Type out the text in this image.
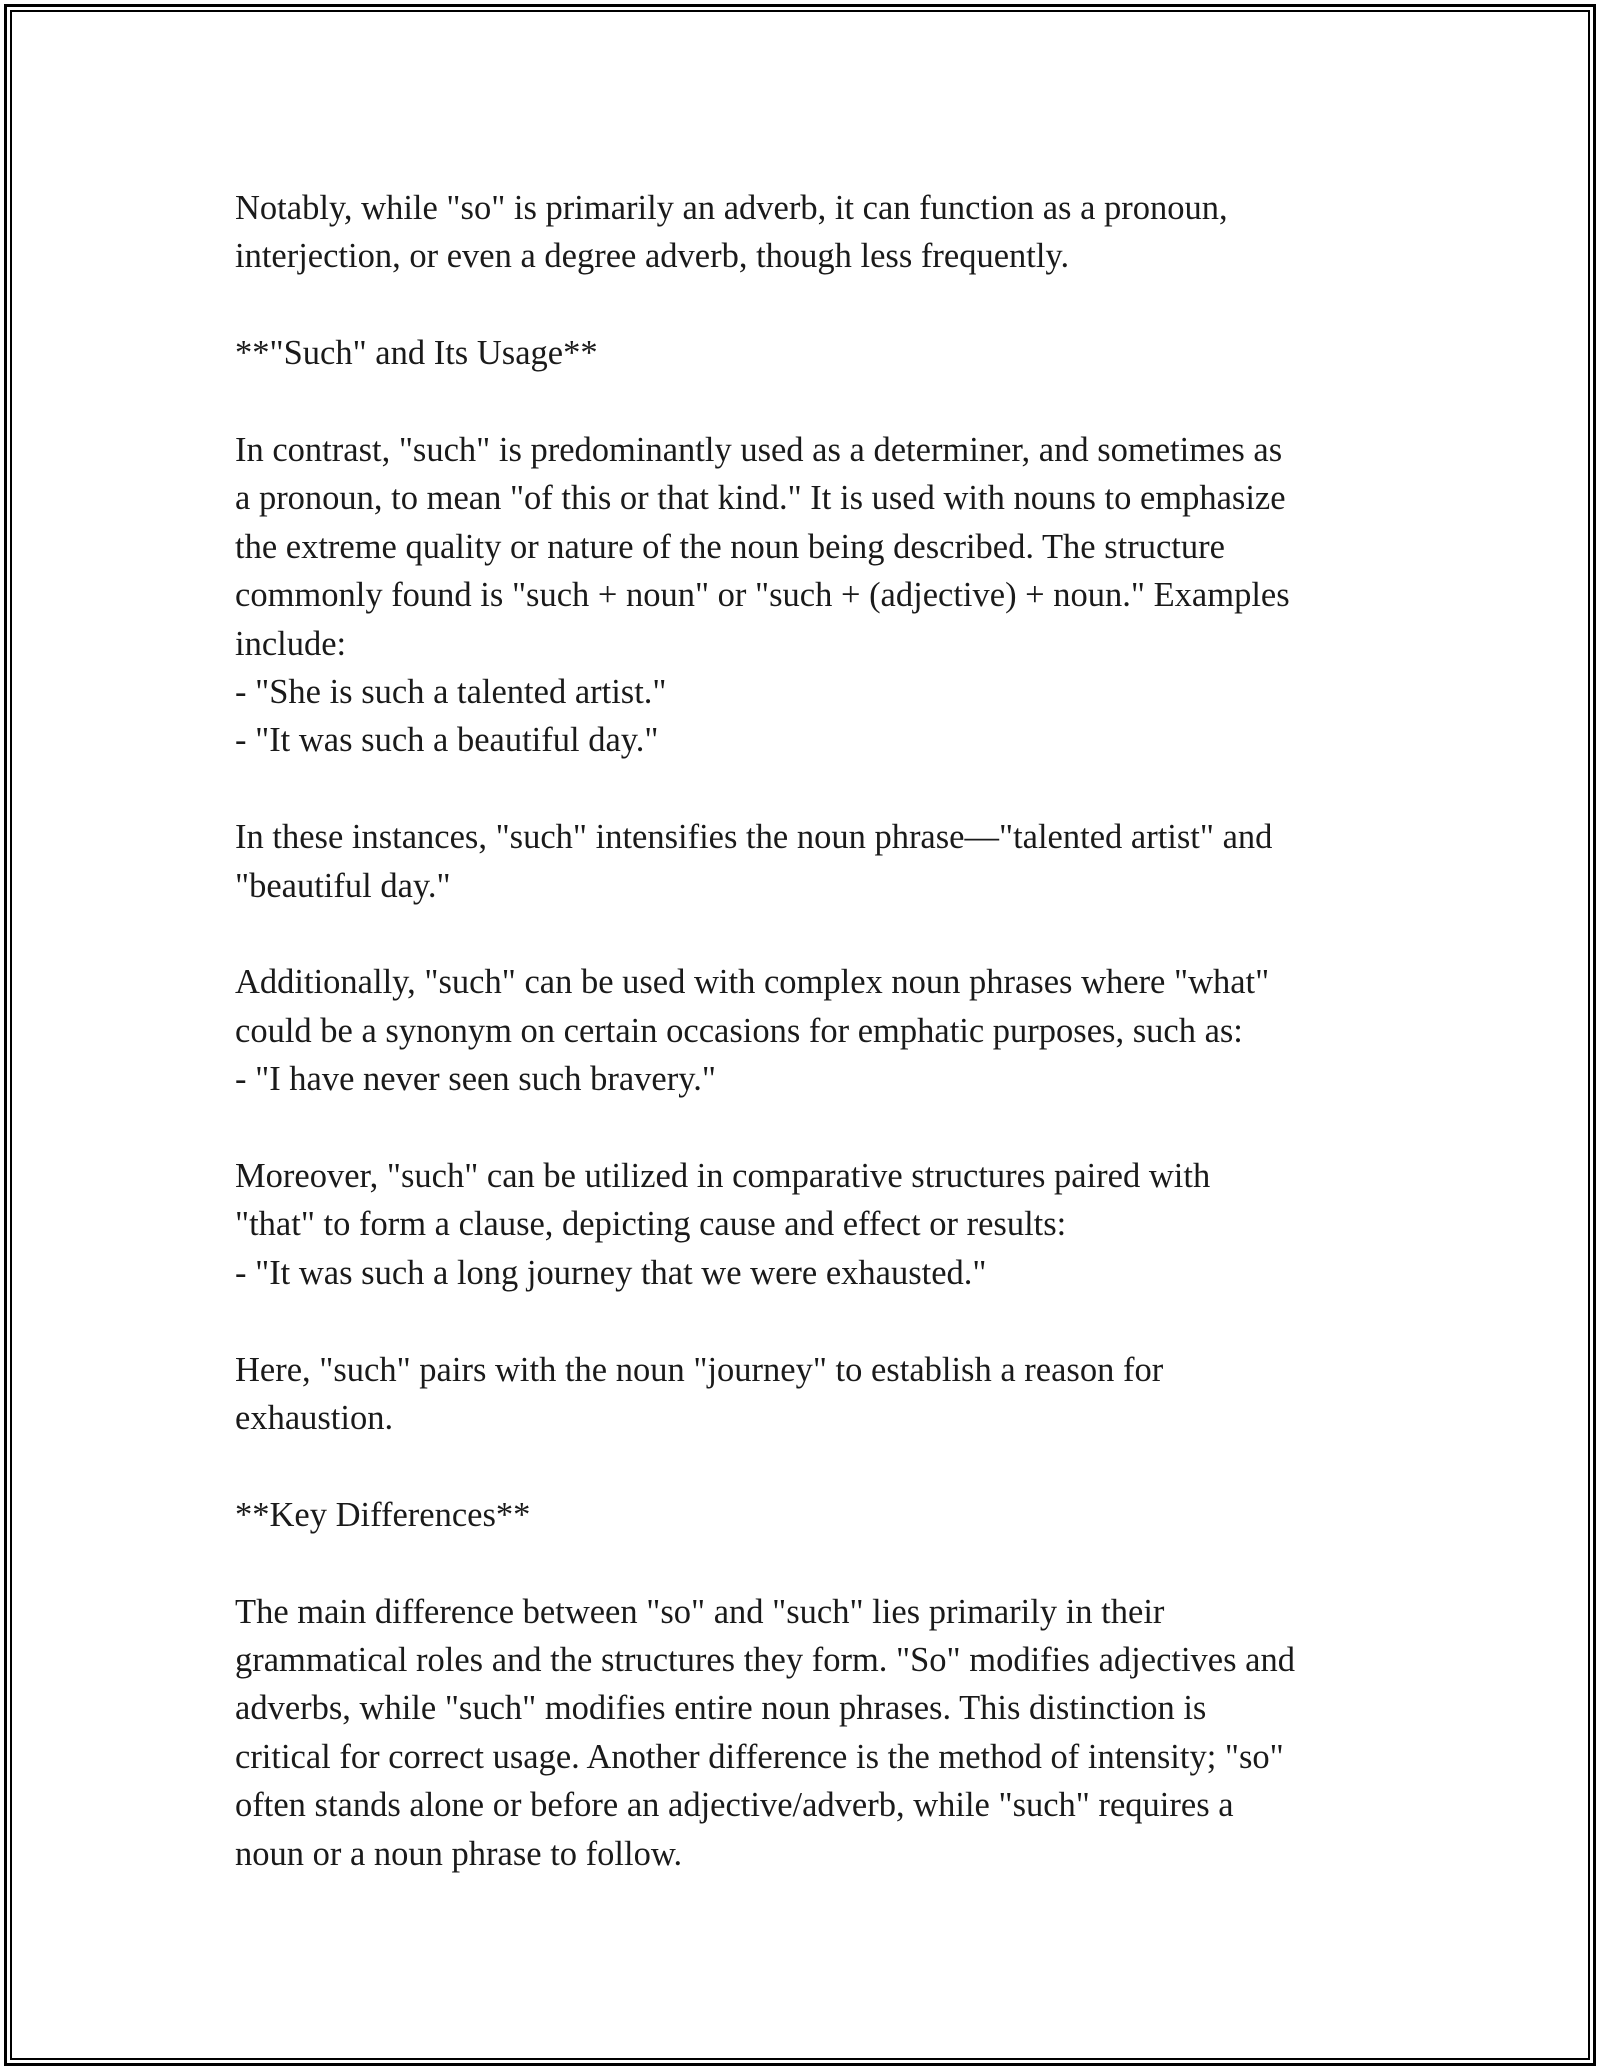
Notably, while "so" is primarily an adverb, it can function as a pronoun,

interjection, or even a degree adverb, though less frequently.

**"Such" and Its Usage**

In contrast, "such" is predominantly used as a determiner, and sometimes as

a pronoun, to mean "of this or that kind." It is used with nouns to emphasize

the extreme quality or nature of the noun being described. The structure

commonly found is "such + noun" or "such + (adjective) + noun." Examples

include:

- "She is such a talented artist."

- "It was such a beautiful day."

In these instances, "such" intensifies the noun phrase—"talented artist" and

"beautiful day."

Additionally, "such" can be used with complex noun phrases where "what"

could be a synonym on certain occasions for emphatic purposes, such as:

- "I have never seen such bravery."

Moreover, "such" can be utilized in comparative structures paired with

"that" to form a clause, depicting cause and effect or results:

- "It was such a long journey that we were exhausted."

Here, "such" pairs with the noun "journey" to establish a reason for

exhaustion.

**Key Differences**

The main difference between "so" and "such" lies primarily in their

grammatical roles and the structures they form. "So" modifies adjectives and

adverbs, while "such" modifies entire noun phrases. This distinction is

critical for correct usage. Another difference is the method of intensity; "so"

often stands alone or before an adjective/adverb, while "such" requires a

noun or a noun phrase to follow.
